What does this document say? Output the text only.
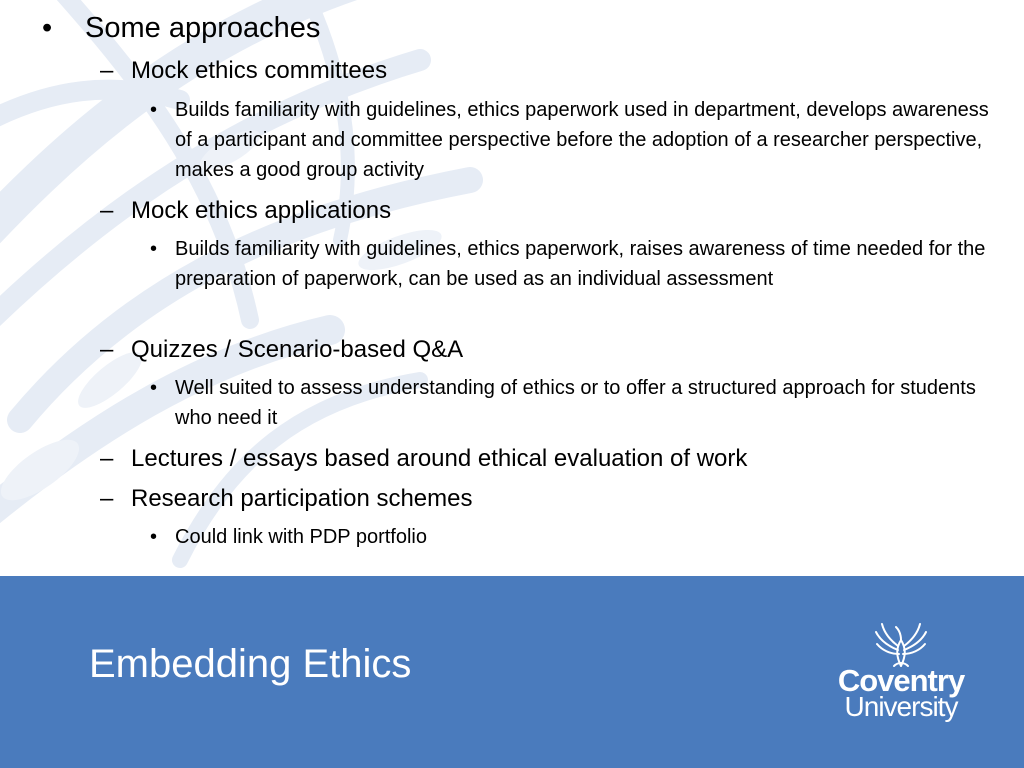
• Some approaches
– Mock ethics committees
• Builds familiarity with guidelines, ethics paperwork used in department, develops awareness of a participant and committee perspective before the adoption of a researcher perspective, makes a good group activity
– Mock ethics applications
• Builds familiarity with guidelines, ethics paperwork, raises awareness of time needed for the preparation of paperwork, can be used as an individual assessment
– Quizzes / Scenario-based Q&A
• Well suited to assess understanding of ethics or to offer a structured approach for students who need it
– Lectures / essays based around ethical evaluation of work
– Research participation schemes
• Could link with PDP portfolio
Embedding Ethics	Coventry
University
